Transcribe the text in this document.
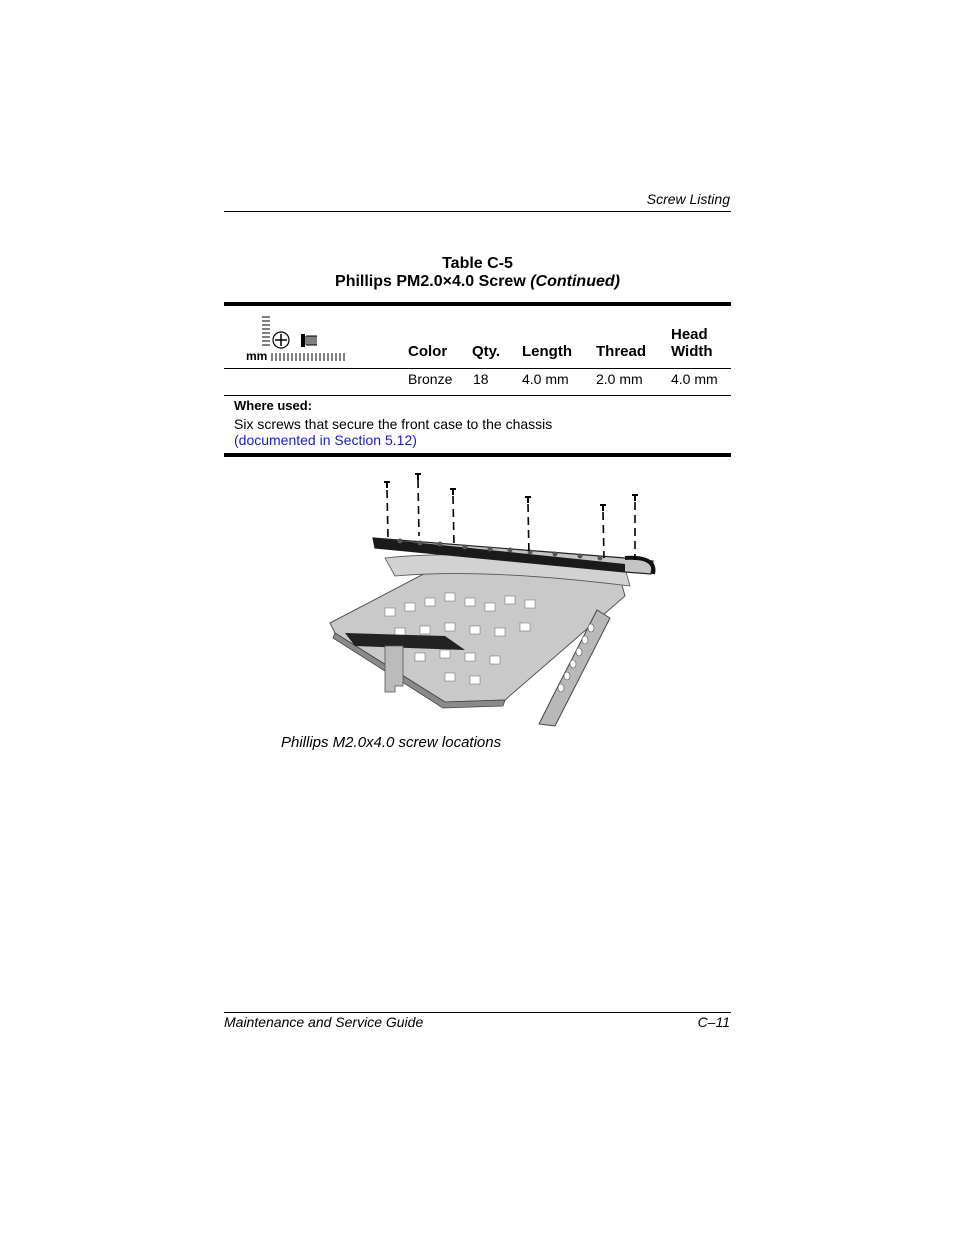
Screw Listing
Table C-5
Phillips PM2.0×4.0 Screw (Continued)
mm	Color Qty. Length Thread
Head
Width
Bronze 18 4.0 mm 2.0 mm 4.0 mm
Where used:
Six screws that secure the front case to the chassis
(documented in Section 5.12)
Phillips M2.0x4.0 screw locations
Maintenance and Service Guide	C–11
